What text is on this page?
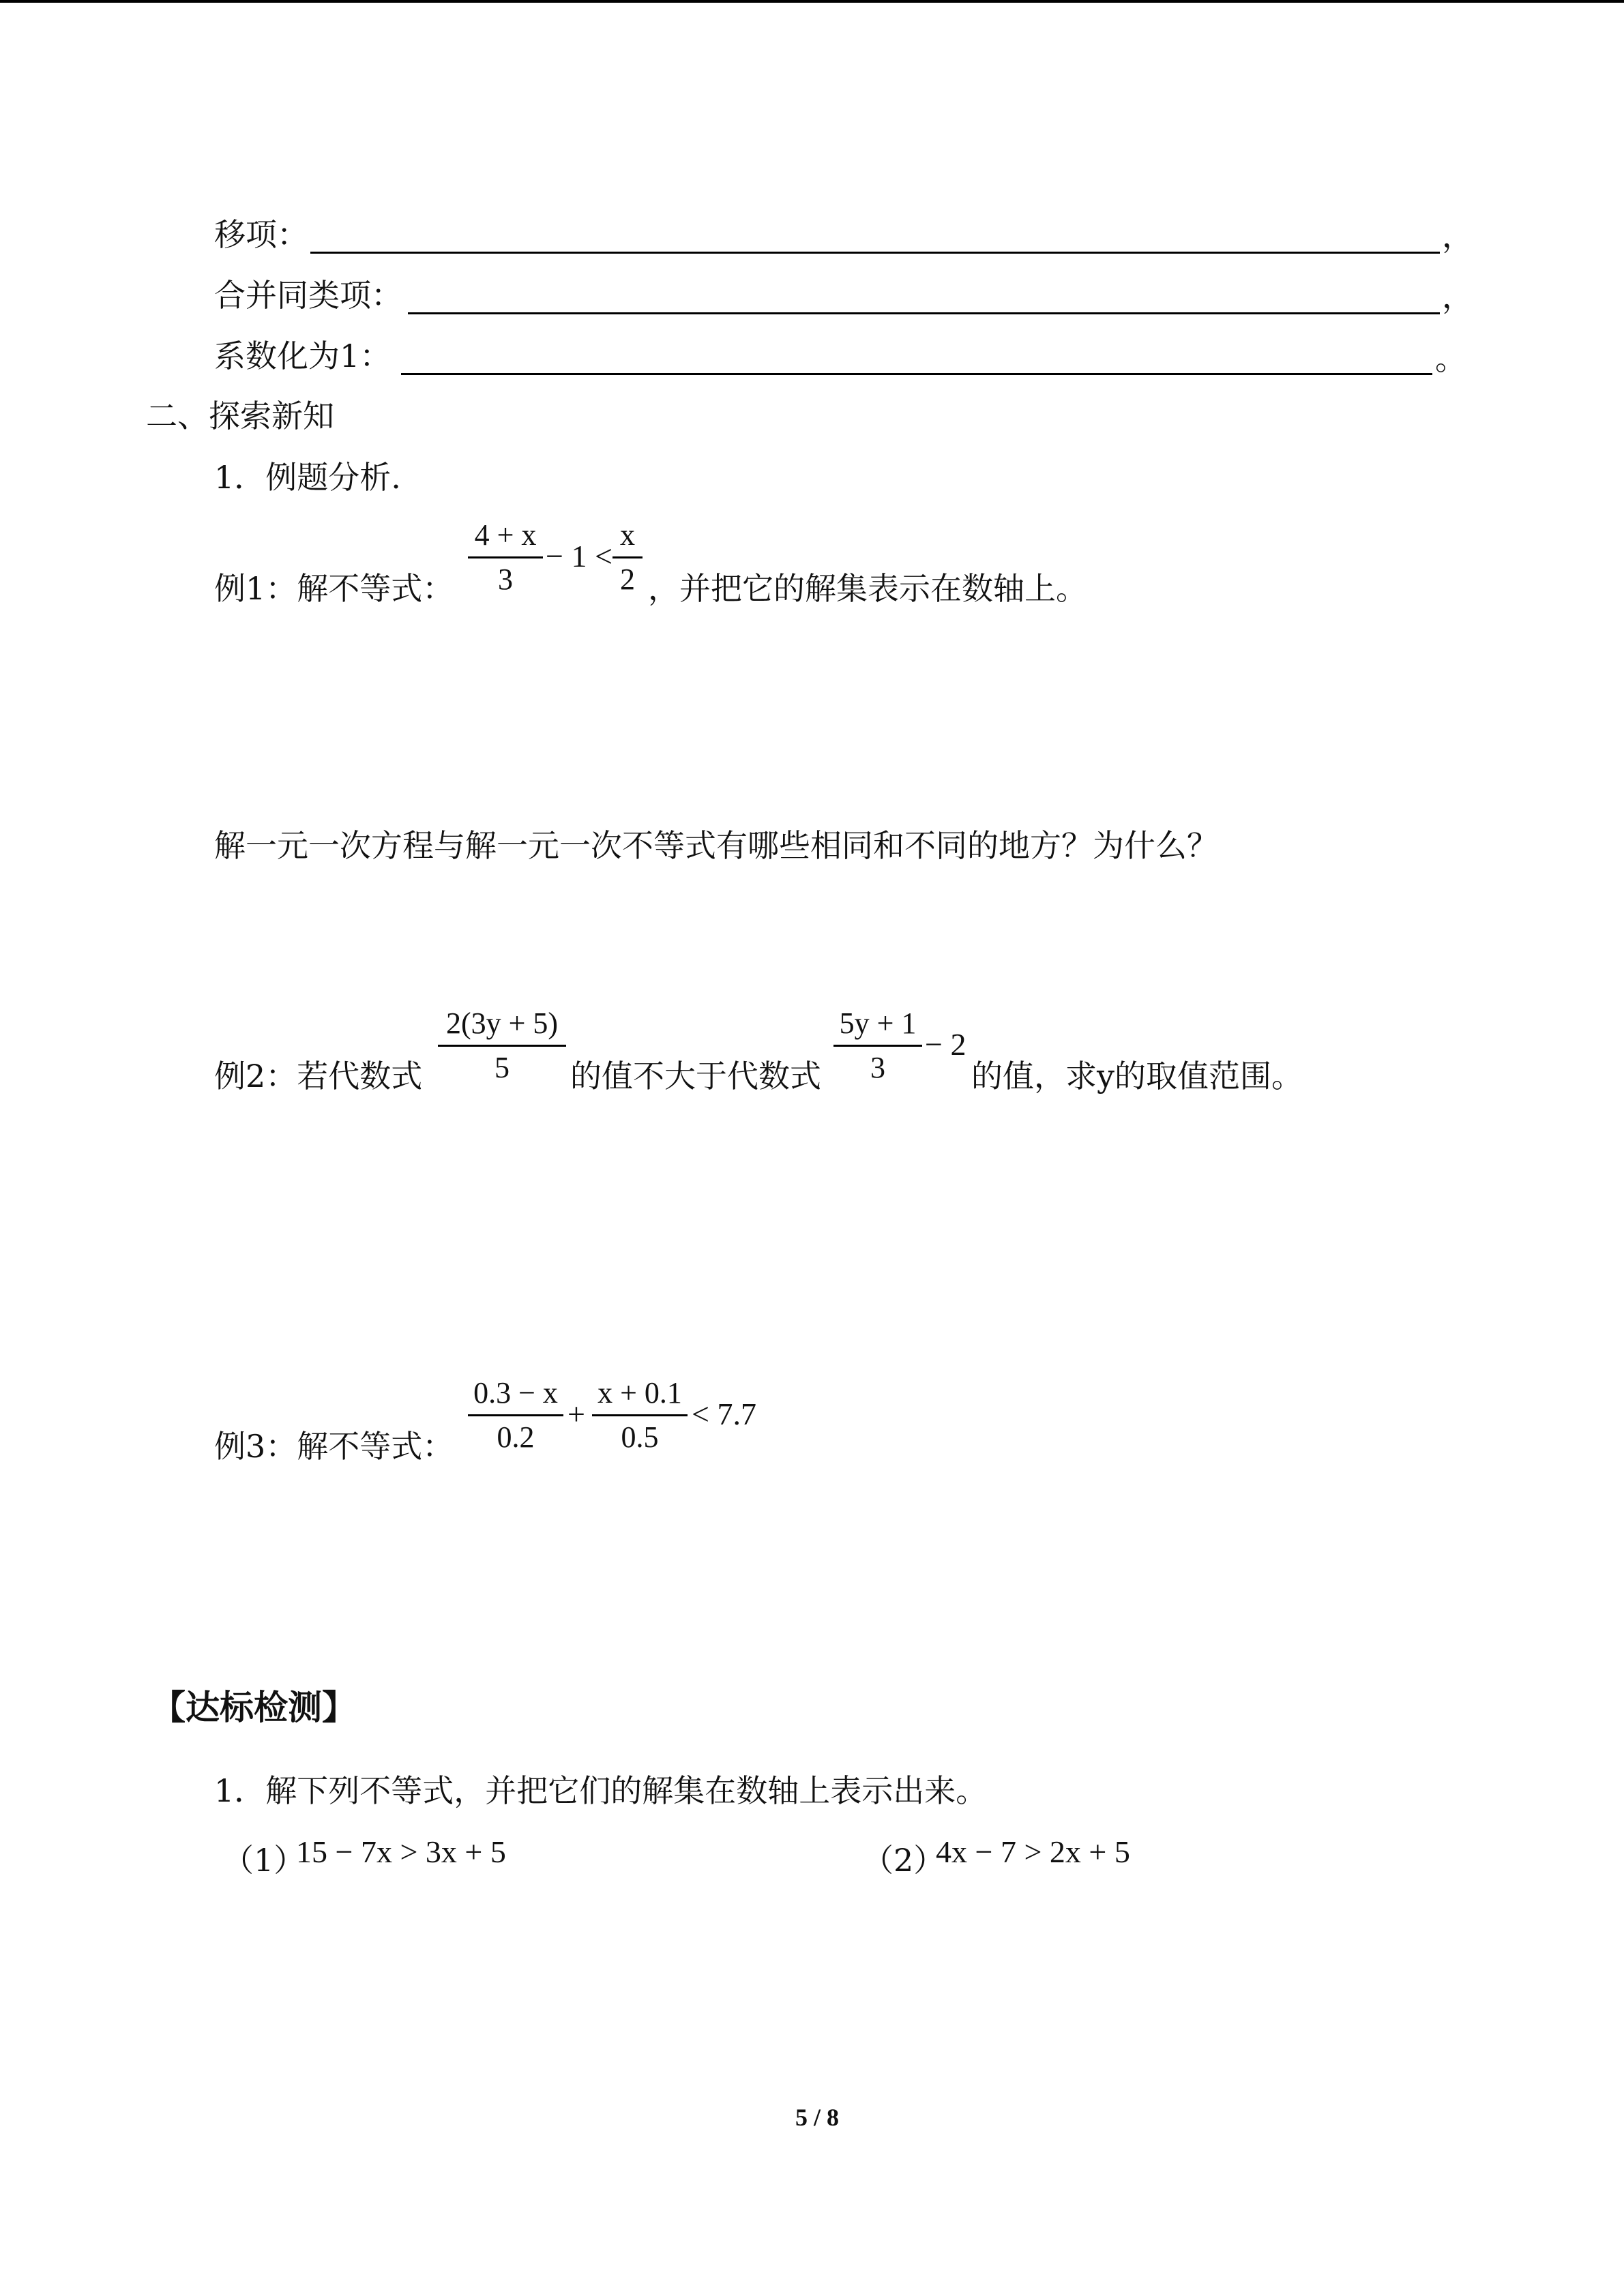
移项：	，
合并同类项：	，
系数化为1：	。
二、探索新知
1．例题分析.
例1：解不等式： $\frac{4 + x}{3} - 1 < \frac{x}{2}$ ，并把它的解集表示在数轴上。
解一元一次方程与解一元一次不等式有哪些相同和不同的地方？为什么？
例2：若代数式 $\frac{2(3y + 5)}{5}$ 的值不大于代数式 $\frac{5y + 1}{3} - 2$
的值，求y的取值范围。
例3：解不等式： $\frac{0.3 - x}{0.2} + \frac{x + 0.1}{0.5} < 7.7$
【达标检测】
1．解下列不等式，并把它们的解集在数轴上表示出来。
（1）
15 − 7x > 3x + 5	（2）
4x − 7 > 2x + 5
5 / 8
